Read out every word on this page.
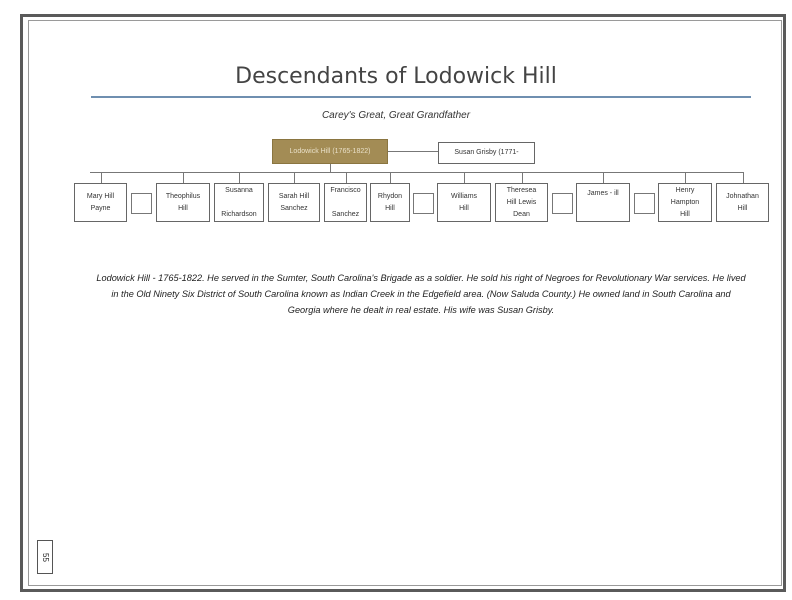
Descendants of Lodowick Hill
Carey's Great, Great Grandfather
Lodowick Hill (1765-1822)	Susan Grisby (1771-
Mary Hill
Payne
Theophilus
Hill
Susanna

Richardson
Sarah Hill
Sanchez
Francisco

Sanchez
Rhydon
Hill
Williams
Hill
Theresea
Hill Lewis
Dean
James - ill	Henry
Hampton
Hill
Johnathan
Hill
Lodowick Hill - 1765-1822. He served in the Sumter, South Carolina's Brigade as a soldier. He sold his right of Negroes for Revolutionary War services. He lived in the Old Ninety Six District of South Carolina known as Indian Creek in the Edgefield area. (Now Saluda County.) He owned land in South Carolina and Georgia where he dealt in real estate. His wife was Susan Grisby.
55
